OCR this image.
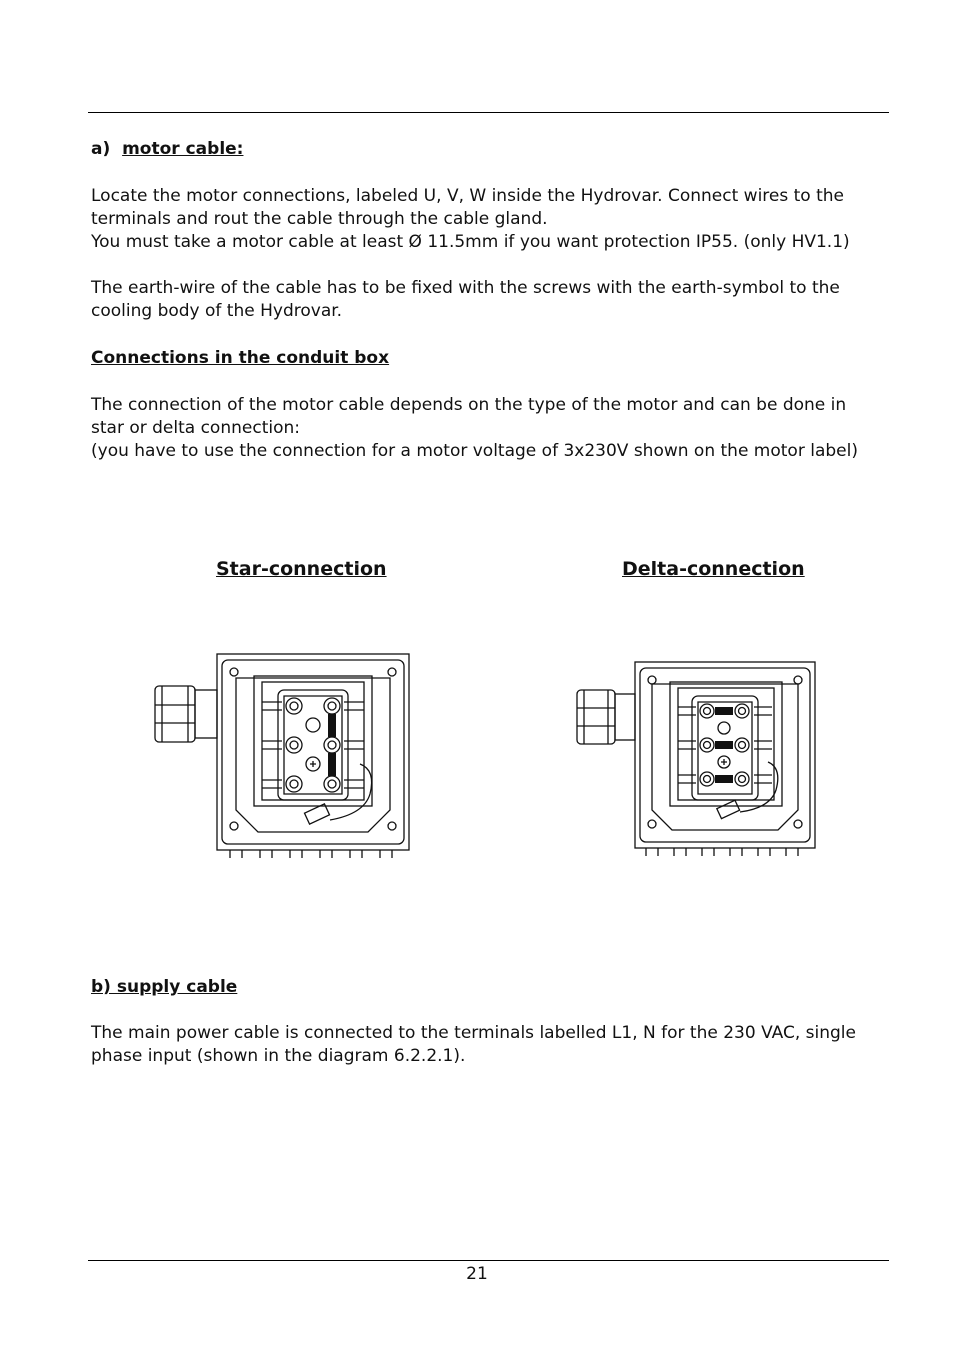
a) motor cable:

Locate the motor connections, labeled U, V, W inside the Hydrovar. Connect wires to the

terminals and rout the cable through the cable gland.

You must take a motor cable at least Ø 11.5mm if you want protection IP55. (only HV1.1)

The earth-wire of the cable has to be fixed with the screws with the earth-symbol to the

cooling body of the Hydrovar.

Connections in the conduit box

The connection of the motor cable depends on the type of the motor and can be done in

star or delta connection:

(you have to use the connection for a motor voltage of 3x230V shown on the motor label)

Star-connection	Delta-connection

b) supply cable

The main power cable is connected to the terminals labelled L1, N for the 230 VAC, single

phase input (shown in the diagram 6.2.2.1).

21
